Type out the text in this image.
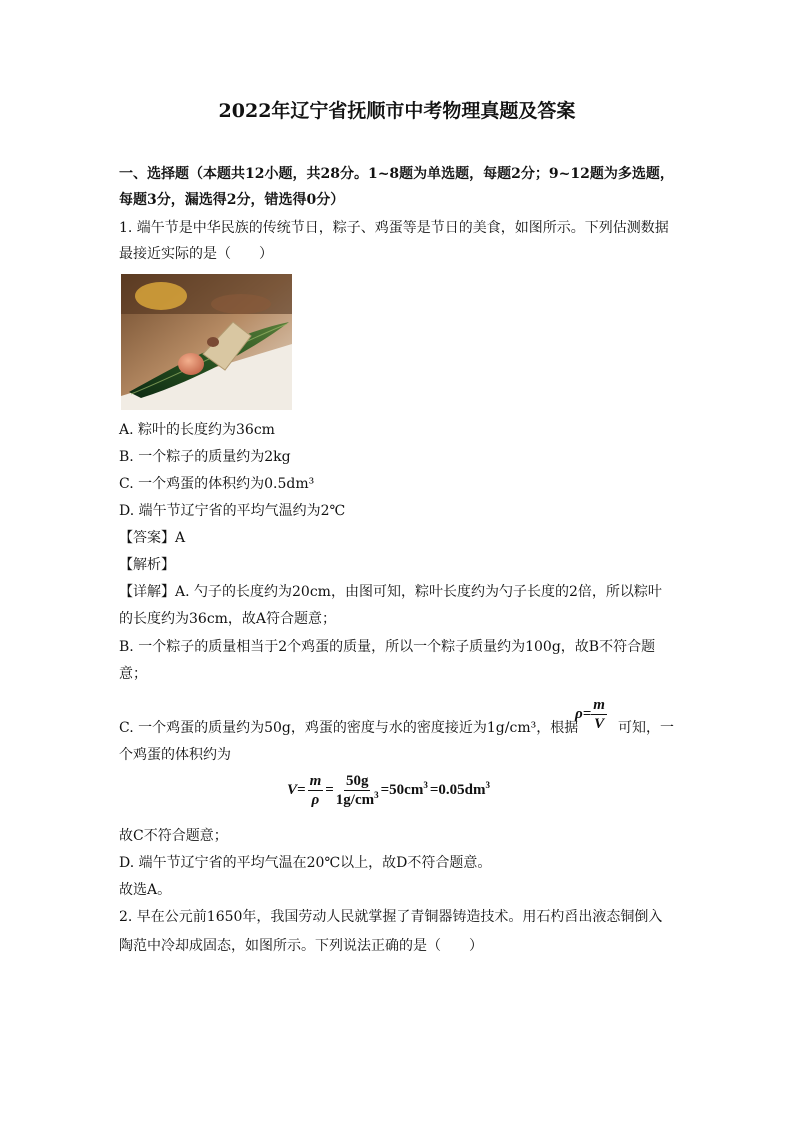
2022年辽宁省抚顺市中考物理真题及答案
一、选择题（本题共12小题，共28分。1~8题为单选题，每题2分；9~12题为多选题，
每题3分，漏选得2分，错选得0分）
1. 端午节是中华民族的传统节日，粽子、鸡蛋等是节日的美食，如图所示。下列估测数据
最接近实际的是（　　）
A. 粽叶的长度约为36cm
B. 一个粽子的质量约为2kg
C. 一个鸡蛋的体积约为0.5dm³
D. 端午节辽宁省的平均气温约为2℃
【答案】A
【解析】
【详解】A. 勺子的长度约为20cm，由图可知，粽叶长度约为勺子长度的2倍，所以粽叶
的长度约为36cm，故A符合题意；
B. 一个粽子的质量相当于2个鸡蛋的质量，所以一个粽子质量约为100g，故B不符合题
意；
C. 一个鸡蛋的质量约为50g，鸡蛋的密度与水的密度接近为1g/cm³，根据
$\rho= \frac{m}{V}$ 可知，一
个鸡蛋的体积约为
$V= \frac{m}{\rho} = \frac{50g}{1g/cm^3} =50cm^3 =0.05dm^3$
故C不符合题意；
D. 端午节辽宁省的平均气温在20℃以上，故D不符合题意。
故选A。
2. 早在公元前1650年，我国劳动人民就掌握了青铜器铸造技术。用石杓舀出液态铜倒入
陶范中冷却成固态，如图所示。下列说法正确的是（　　）
